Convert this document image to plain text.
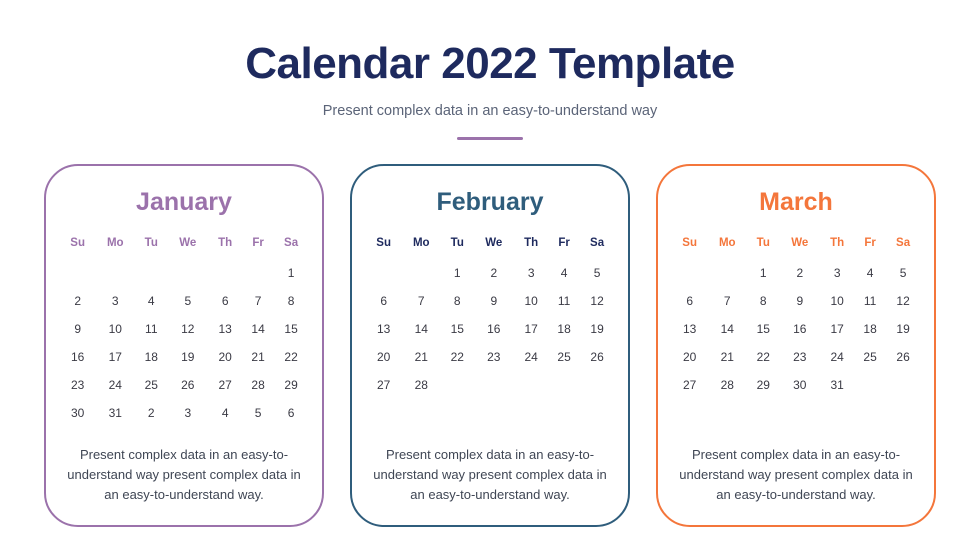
Calendar 2022 Template

Present complex data in an easy-to-understand way

January
Su	Mo	Tu	We	Th	Fr	Sa
						1
2	3	4	5	6	7	8
9	10	11	12	13	14	15
16	17	18	19	20	21	22
23	24	25	26	27	28	29
30	31	2	3	4	5	6
Present complex data in an easy-to-understand way present complex data in an easy-to-understand way.
February
Su	Mo	Tu	We	Th	Fr	Sa
		1	2	3	4	5
6	7	8	9	10	11	12
13	14	15	16	17	18	19
20	21	22	23	24	25	26
27	28					

Present complex data in an easy-to-understand way present complex data in an easy-to-understand way.
March
Su	Mo	Tu	We	Th	Fr	Sa
		1	2	3	4	5
6	7	8	9	10	11	12
13	14	15	16	17	18	19
20	21	22	23	24	25	26
27	28	29	30	31		

Present complex data in an easy-to-understand way present complex data in an easy-to-understand way.
